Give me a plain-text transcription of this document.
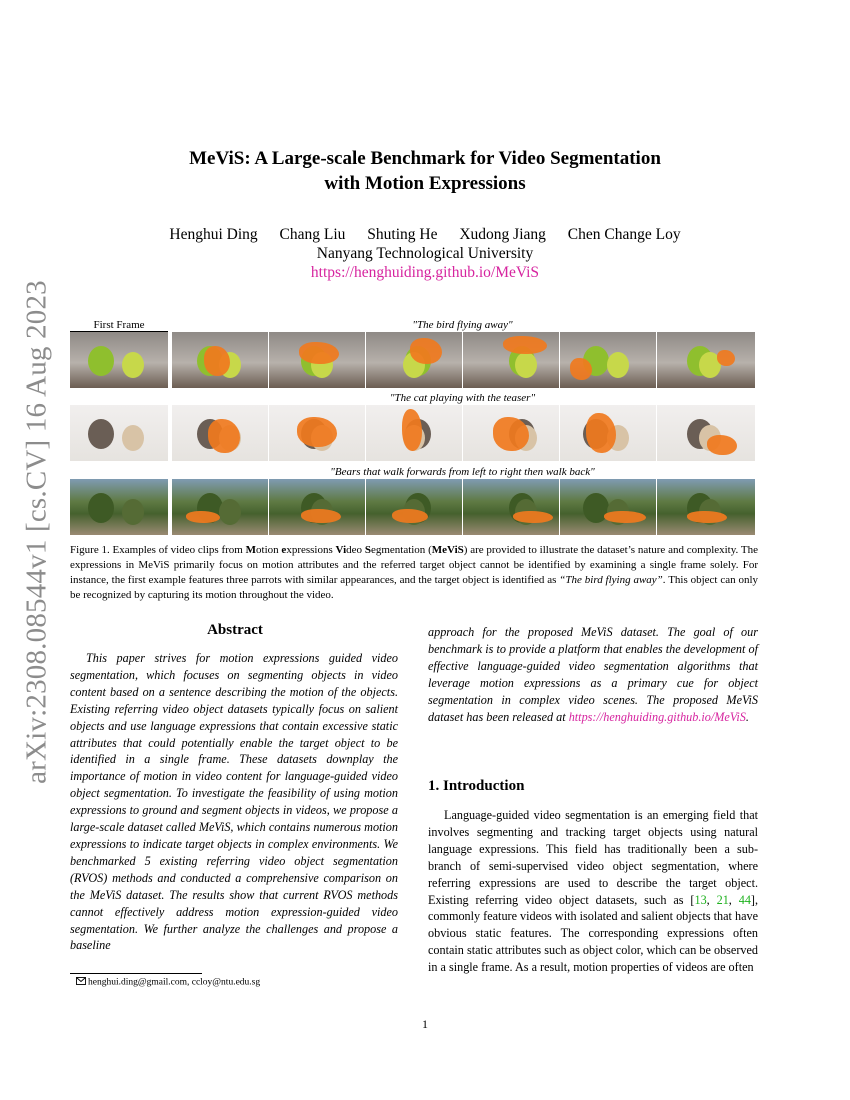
arXiv:2308.08544v1 [cs.CV] 16 Aug 2023
MeViS: A Large-scale Benchmark for Video Segmentation
with Motion Expressions
Henghui Ding Chang Liu Shuting He Xudong Jiang Chen Change Loy
Nanyang Technological University
https://henghuiding.github.io/MeViS
First Frame	"The bird flying away"
"The cat playing with the teaser"
"Bears that walk forwards from left to right then walk back"
Figure 1. Examples of video clips from Motion expressions Video Segmentation (MeViS) are provided to illustrate the dataset’s nature and complexity. The expressions in MeViS primarily focus on motion attributes and the referred target object cannot be identified by examining a single frame solely. For instance, the first example features three parrots with similar appearances, and the target object is identified as “The bird flying away”. This object can only be recognized by capturing its motion throughout the video.
Abstract
This paper strives for motion expressions guided video segmentation, which focuses on segmenting objects in video content based on a sentence describing the motion of the objects. Existing referring video object datasets typically focus on salient objects and use language expressions that contain excessive static attributes that could potentially enable the target object to be identified in a single frame. These datasets downplay the importance of motion in video content for language-guided video object segmentation. To investigate the feasibility of using motion expressions to ground and segment objects in videos, we propose a large-scale dataset called MeViS, which contains numerous motion expressions to indicate target objects in complex environments. We benchmarked 5 existing referring video object segmentation (RVOS) methods and conducted a comprehensive comparison on the MeViS dataset. The results show that current RVOS methods cannot effectively address motion expression-guided video segmentation. We further analyze the challenges and propose a baseline
approach for the proposed MeViS dataset. The goal of our benchmark is to provide a platform that enables the development of effective language-guided video segmentation algorithms that leverage motion expressions as a primary cue for object segmentation in complex video scenes. The proposed MeViS dataset has been released at https://henghuiding.github.io/MeViS.
henghui.ding@gmail.com, ccloy@ntu.edu.sg
1. Introduction
Language-guided video segmentation is an emerging field that involves segmenting and tracking target objects using natural language expressions. This field has traditionally been a sub-branch of semi-supervised video object segmentation, where referring expressions are used to describe the target object. Existing referring video object datasets, such as [13, 21, 44], commonly feature videos with isolated and salient objects that have obvious static features. The corresponding expressions often contain static attributes such as object color, which can be observed in a single frame. As a result, motion properties of videos are often
1
